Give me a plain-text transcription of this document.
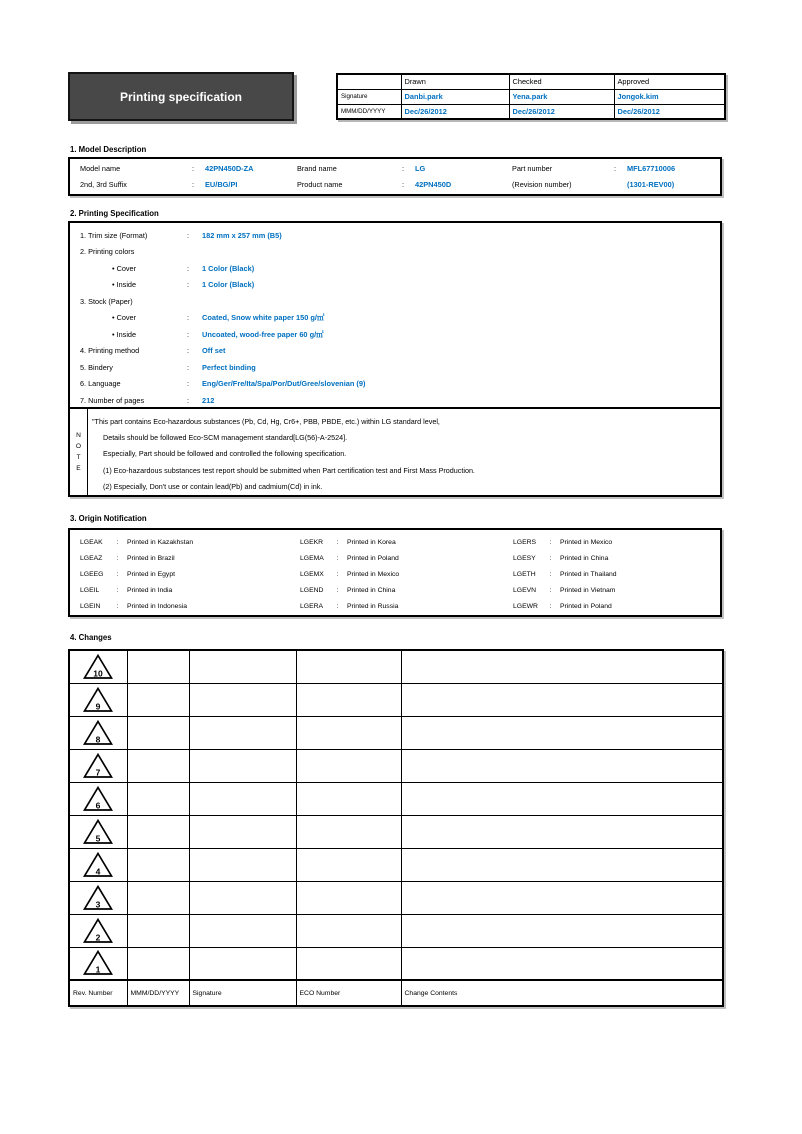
Printing specification
	Drawn	Checked	Approved
Signature	Danbi.park	Yena.park	Jongok.kim
MMM/DD/YYYY	Dec/26/2012	Dec/26/2012	Dec/26/2012
1. Model Description
Model name	:	42PN450D-ZA	Brand name	:	LG	Part number	:	MFL67710006
2nd, 3rd Suffix	:	EU/BG/PI	Product name	:	42PN450D	(Revision number)	(1301-REV00)
2. Printing Specification
1. Trim size (Format)	:	182 mm x 257 mm (B5)
2. Printing colors
• Cover	:	1 Color (Black)
• Inside	:	1 Color (Black)
3. Stock (Paper)
• Cover	:	Coated, Snow white paper 150 g/㎡
• Inside	:	Uncoated, wood-free paper 60 g/㎡
4. Printing method	:	Off set
5. Bindery	:	Perfect binding
6. Language	:	Eng/Ger/Fre/Ita/Spa/Por/Dut/Gree/slovenian (9)
7. Number of pages	:	212
N
O
T
E
"This part contains Eco-hazardous substances (Pb, Cd, Hg, Cr6+, PBB, PBDE, etc.) within LG standard level,
Details should be followed Eco-SCM management standard[LG(56)-A-2524].
Especially, Part should be followed and controlled the following specification.
(1) Eco-hazardous substances test report should be submitted when Part certification test and First Mass Production.
(2) Especially, Don't use or contain lead(Pb) and cadmium(Cd) in ink.
3. Origin Notification
LGEAK	:	Printed in Kazakhstan
LGEAZ	:	Printed in Brazil
LGEEG	:	Printed in Egypt
LGEIL	:	Printed in India
LGEIN	:	Printed in Indonesia
LGEKR	:	Printed in Korea
LGEMA	:	Printed in Poland
LGEMX	:	Printed in Mexico
LGEND	:	Printed in China
LGERA	:	Printed in Russia
LGERS	:	Printed in Mexico
LGESY	:	Printed in China
LGETH	:	Printed in Thailand
LGEVN	:	Printed in Vietnam
LGEWR	:	Printed in Poland
4. Changes
10				

9				

8				

7				

6				

5				

4				

3				

2				

1				

Rev. Number	MMM/DD/YYYY	Signature	ECO Number	Change Contents
